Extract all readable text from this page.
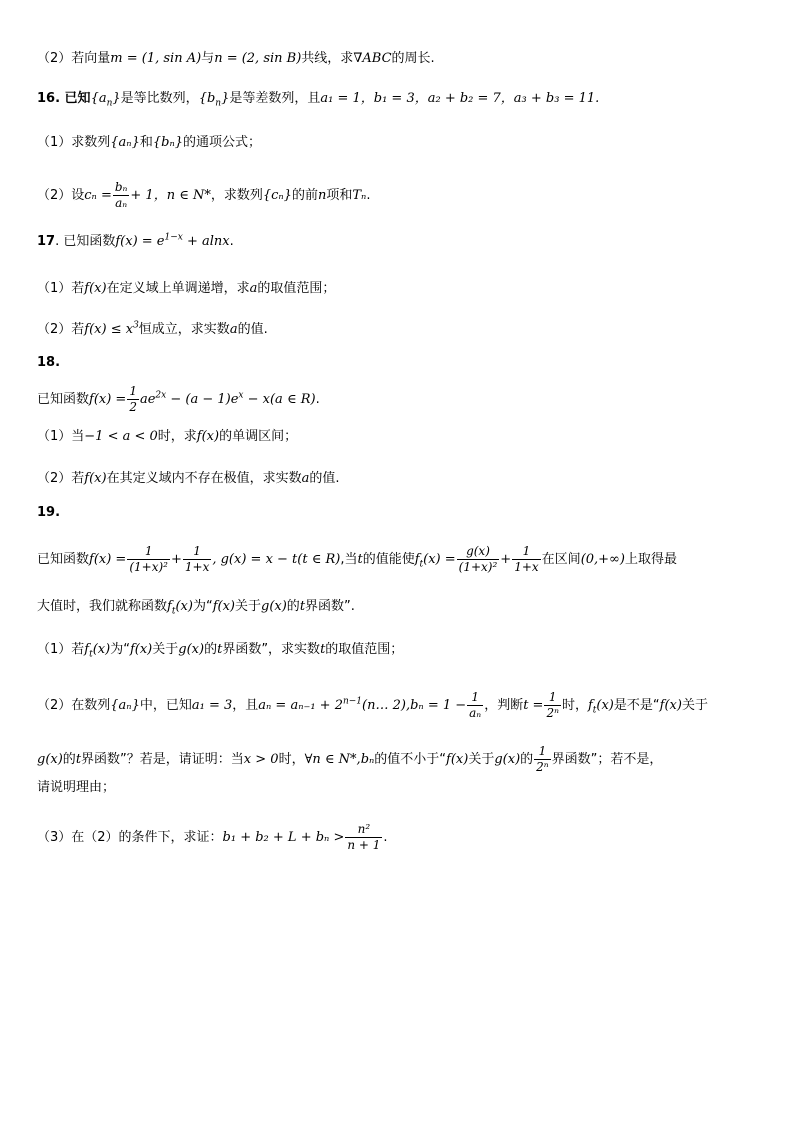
（2）若向量m = (1, sin A)与n = (2, sin B)共线，求∇ABC的周长.
16. 已知$\{a_n\}$是等比数列，$\{b_n\}$是等差数列，且a₁ = 1，b₁ = 3，a₂ + b₂ = 7，a₃ + b₃ = 11.
（1）求数列{aₙ}和{bₙ}的通项公式；
（2）设$c_n = \frac{\text{bₙ}}{\text{aₙ}} + 1$，n ∈ N*，求数列{cₙ}的前n项和Tₙ.
17. 已知函数$f(x) = e^{1-x} + alnx$.
（1）若f(x)在定义域上单调递增，求a的取值范围；
（2）若$f(x) \le x^3$恒成立，求实数a的值.
18.
已知函数$f(x) = \frac{1}{2} ae^{2x} - (a - 1)e^x - x(a$ ∈ R).
（1）当−1 < a < 0时，求f(x)的单调区间；
（2）若f(x)在其定义域内不存在极值，求实数a的值.
19.
已知函数$f(x) = \frac{1}{\text{(1+x)²}} + \frac{1}{1+x}$ , g(x) = x − t(t ∈ R),当t的值能使$f_t(x) = \frac{g(x)}{\text{(1+x)²}} + \frac{1}{1+x}$ 在区间(0,+∞)上取得最
大值时，我们就称函数$f_t(x)$为“f(x)关于g(x)的t界函数”.
（1）若$f_t(x)$为“f(x)关于g(x)的t界函数”，求实数t的取值范围；
（2）在数列{aₙ}中，已知a₁ = 3，且$a_n = a_{n-1} + 2^{n-1}(n\dots$ $2),b_n = 1 - \frac{1}{\text{aₙ}}$ ，判断$t = \frac{1}{\text{2ⁿ}}$ 时，$f_t(x)$是不是“f(x)关于
g(x)的t界函数”？若是，请证明：当x > 0时，∀n ∈ N*,bₙ的值不小于“f(x)关于g(x)的 $\frac{1}{\text{2ⁿ}}$ 界函数”；若不是，
请说明理由；
（3）在（2）的条件下，求证：$b_1 + b_2 + L + b_n > \frac{\text{n²}}{n + 1}$ .
